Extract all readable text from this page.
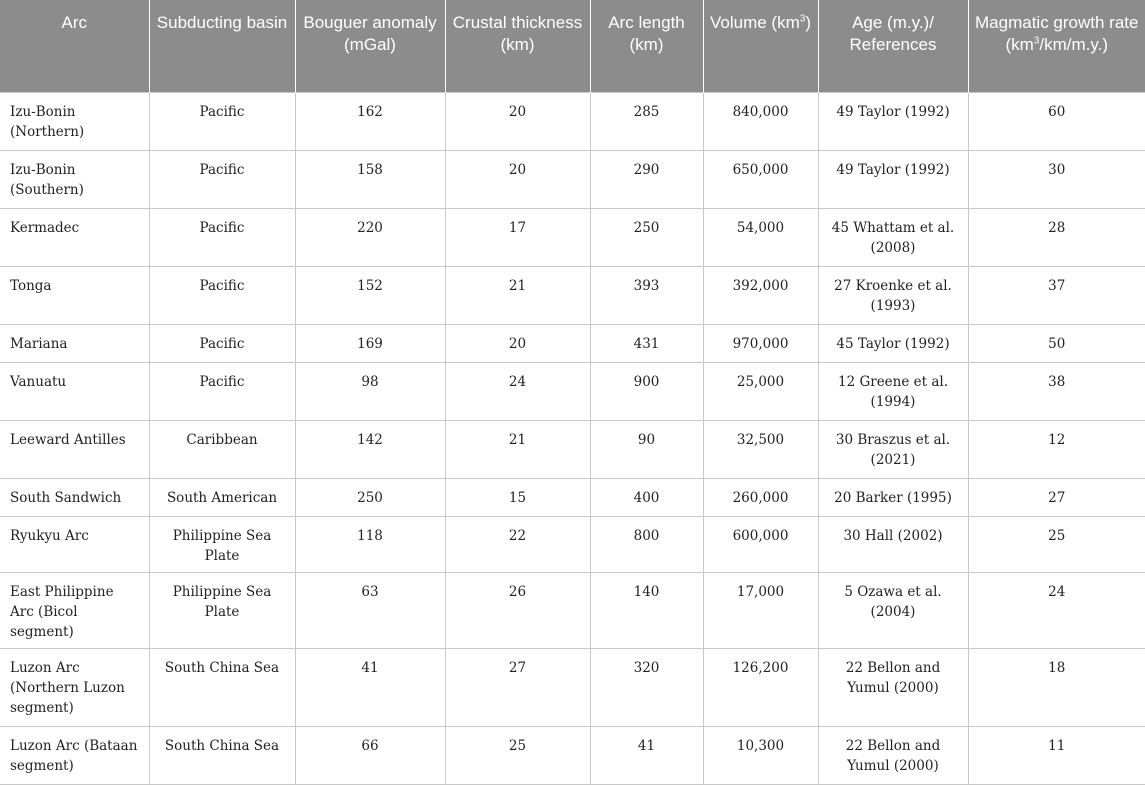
Arc	Subducting basin	Bouguer anomaly (mGal)	Crustal thickness (km)	Arc length (km)	Volume $(km^3)$	Age (m.y.)/ References	Magmatic growth rate $(km^3/km/m.y.)$
Izu-Bonin (Northern)	Pacific	162	20	285	840,000	49 Taylor (1992)	60
Izu-Bonin (Southern)	Pacific	158	20	290	650,000	49 Taylor (1992)	30
Kermadec	Pacific	220	17	250	54,000	45 Whattam et al. (2008)	28
Tonga	Pacific	152	21	393	392,000	27 Kroenke et al. (1993)	37
Mariana	Pacific	169	20	431	970,000	45 Taylor (1992)	50
Vanuatu	Pacific	98	24	900	25,000	12 Greene et al. (1994)	38
Leeward Antilles	Caribbean	142	21	90	32,500	30 Braszus et al. (2021)	12
South Sandwich	South American	250	15	400	260,000	20 Barker (1995)	27
Ryukyu Arc	Philippine Sea Plate	118	22	800	600,000	30 Hall (2002)	25
East Philippine Arc (Bicol segment)	Philippine Sea Plate	63	26	140	17,000	5 Ozawa et al. (2004)	24
Luzon Arc (Northern Luzon segment)	South China Sea	41	27	320	126,200	22 Bellon and Yumul (2000)	18
Luzon Arc (Bataan segment)	South China Sea	66	25	41	10,300	22 Bellon and Yumul (2000)	11
